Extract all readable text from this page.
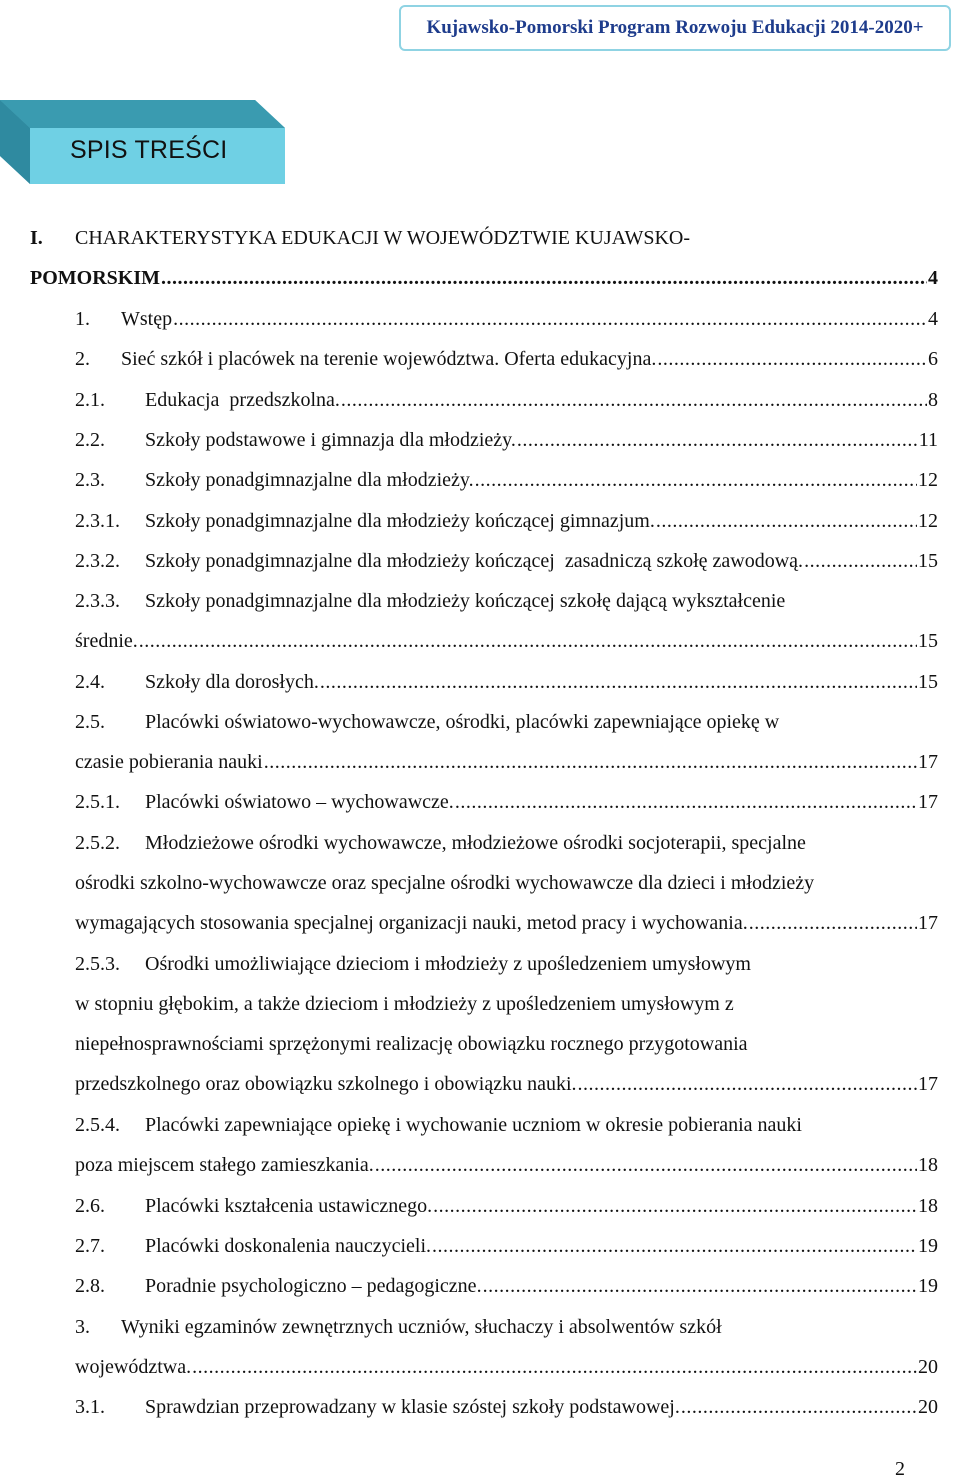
Kujawsko-Pomorski Program Rozwoju Edukacji 2014-2020+
SPIS TREŚCI
I. CHARAKTERYSTYKA EDUKACJI W WOJEWÓDZTWIE KUJAWSKO-
POMORSKIM .....	4
1.	Wstęp .....	4
2.	Sieć szkół i placówek na terenie województwa. Oferta edukacyjna. .....	6
2.1.	Edukacja  przedszkolna. .....	8
2.2.	Szkoły podstawowe i gimnazja dla młodzieży. .....	11
2.3.	Szkoły ponadgimnazjalne dla młodzieży. .....	12
2.3.1.	Szkoły ponadgimnazjalne dla młodzieży kończącej gimnazjum. .....	12
2.3.2.	Szkoły ponadgimnazjalne dla młodzieży kończącej  zasadniczą szkołę zawodową. .....	15
2.3.3. Szkoły ponadgimnazjalne dla młodzieży kończącej szkołę dającą wykształcenie
średnie. .....	15
2.4.	Szkoły dla dorosłych. .....	15
2.5. Placówki oświatowo-wychowawcze, ośrodki, placówki zapewniające opiekę w
czasie pobierania nauki .....	17
2.5.1.	Placówki oświatowo – wychowawcze. .....	17
2.5.2. Młodzieżowe ośrodki wychowawcze, młodzieżowe ośrodki socjoterapii, specjalne
ośrodki szkolno-wychowawcze oraz specjalne ośrodki wychowawcze dla dzieci i młodzieży
wymagających stosowania specjalnej organizacji nauki, metod pracy i wychowania. .....	17
2.5.3. Ośrodki umożliwiające dzieciom i młodzieży z upośledzeniem umysłowym
w stopniu głębokim, a także dzieciom i młodzieży z upośledzeniem umysłowym z
niepełnosprawnościami sprzężonymi realizację obowiązku rocznego przygotowania
przedszkolnego oraz obowiązku szkolnego i obowiązku nauki. .....	17
2.5.4. Placówki zapewniające opiekę i wychowanie uczniom w okresie pobierania nauki
poza miejscem stałego zamieszkania. .....	18
2.6.	Placówki kształcenia ustawicznego. .....	18
2.7.	Placówki doskonalenia nauczycieli. .....	19
2.8.	Poradnie psychologiczno – pedagogiczne. .....	19
3. Wyniki egzaminów zewnętrznych uczniów, słuchaczy i absolwentów szkół
województwa. .....	20
3.1.	Sprawdzian przeprowadzany w klasie szóstej szkoły podstawowej. .....	20
2
